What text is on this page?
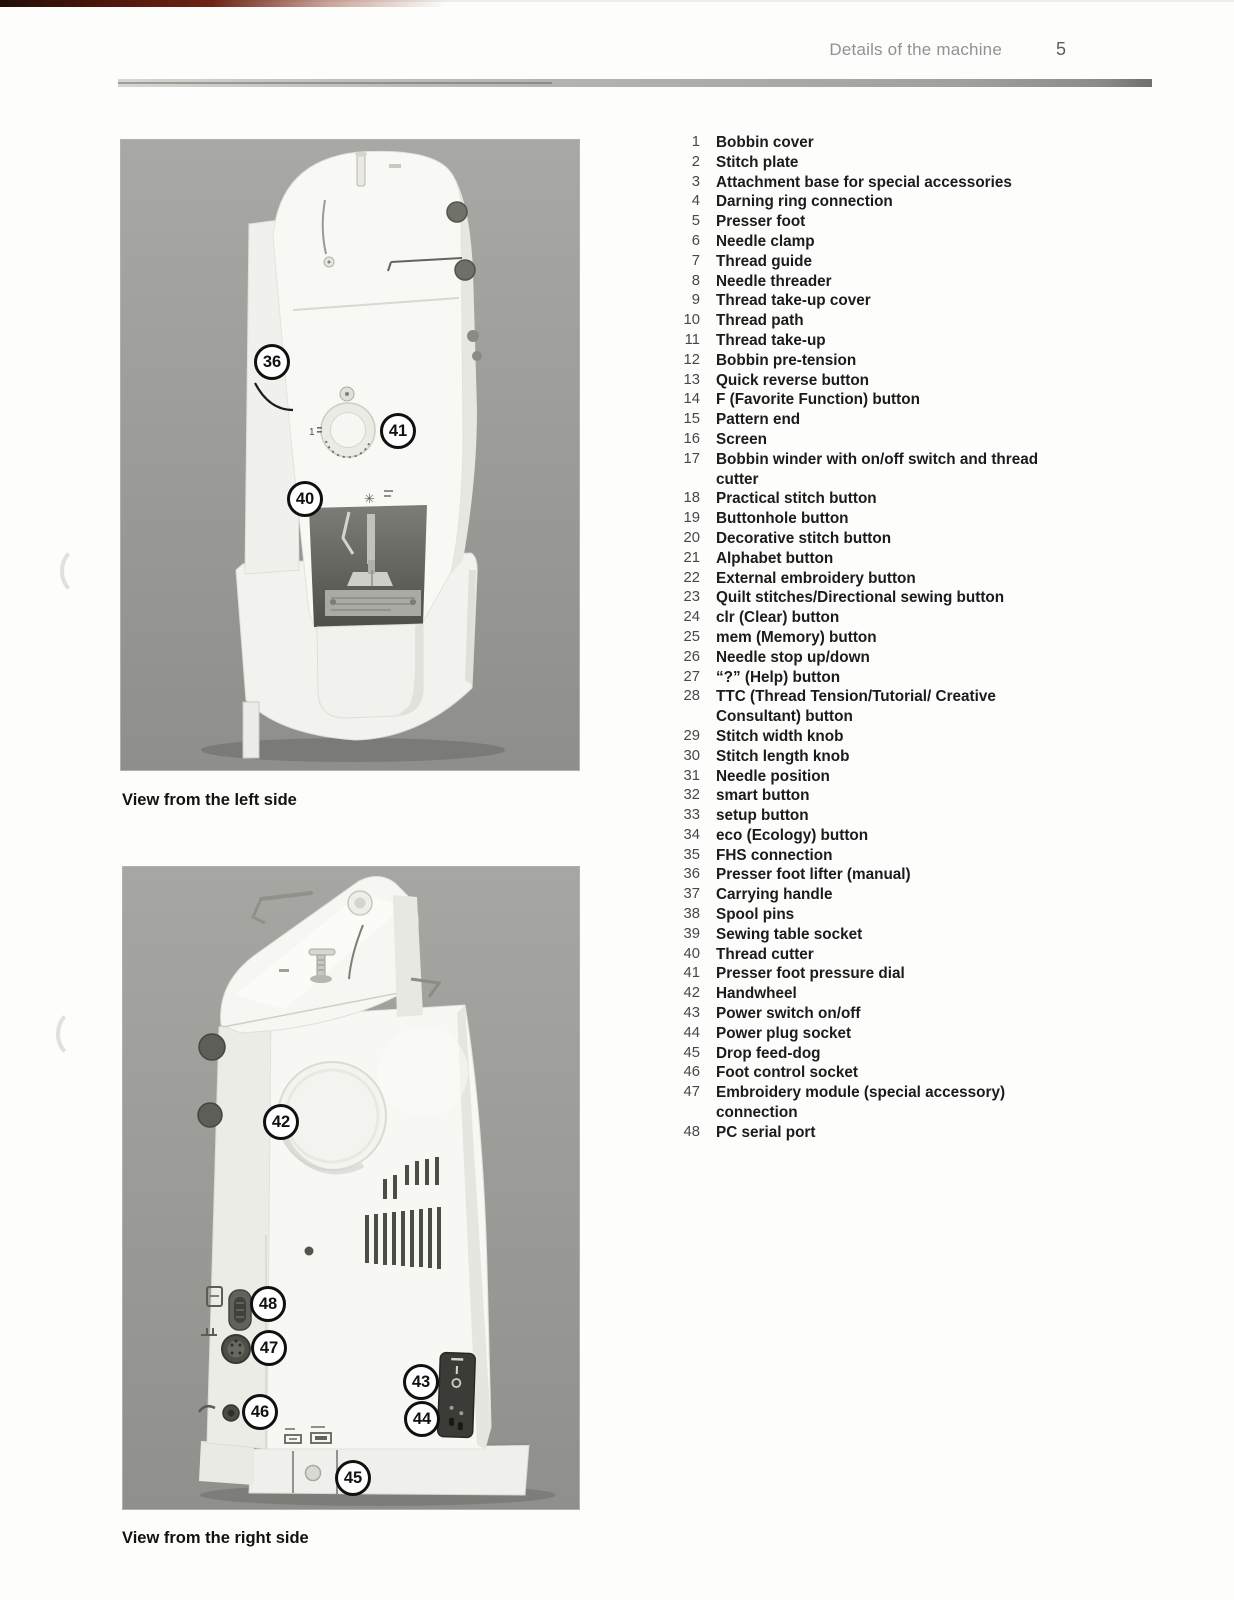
Details of the machine	5
1
✳
36
41
40
View from the left side
42
48
47
43
46	44
45
View from the right side
1 Bobbin cover
2 Stitch plate
3 Attachment base for special accessories
4 Darning ring connection
5 Presser foot
6 Needle clamp
7 Thread guide
8 Needle threader
9 Thread take-up cover
10 Thread path
11 Thread take-up
12 Bobbin pre-tension
13 Quick reverse button
14 F (Favorite Function) button
15 Pattern end
16 Screen
17 Bobbin winder with on/off switch and thread cutter
18 Practical stitch button
19 Buttonhole button
20 Decorative stitch button
21 Alphabet button
22 External embroidery button
23 Quilt stitches/Directional sewing button
24 clr (Clear) button
25 mem (Memory) button
26 Needle stop up/down
27 “?” (Help) button
28 TTC (Thread Tension/Tutorial/ Creative Consultant) button
29 Stitch width knob
30 Stitch length knob
31 Needle position
32 smart button
33 setup button
34 eco (Ecology) button
35 FHS connection
36 Presser foot lifter (manual)
37 Carrying handle
38 Spool pins
39 Sewing table socket
40 Thread cutter
41 Presser foot pressure dial
42 Handwheel
43 Power switch on/off
44 Power plug socket
45 Drop feed-dog
46 Foot control socket
47 Embroidery module (special accessory) connection
48 PC serial port
